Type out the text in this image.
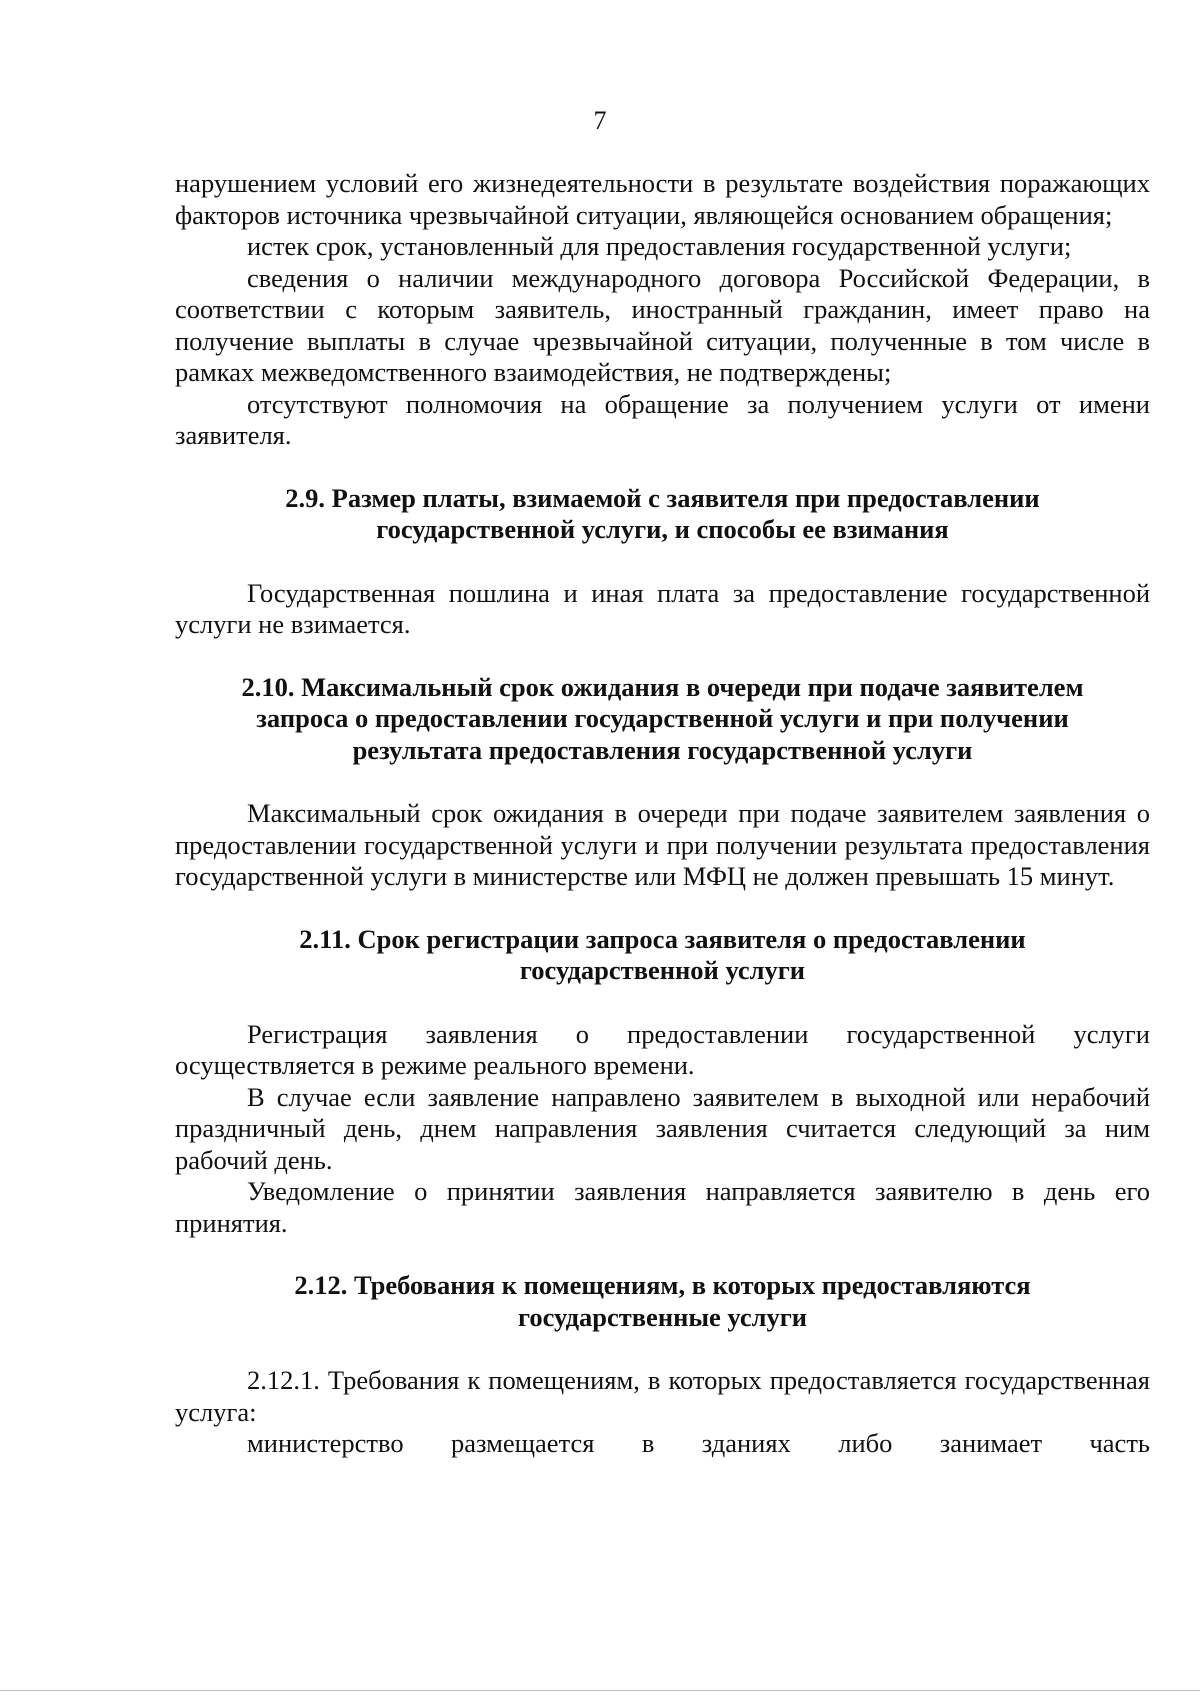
7

нарушением условий его жизнедеятельности в результате воздействия поражающих факторов источника чрезвычайной ситуации, являющейся основанием обращения;

истек срок, установленный для предоставления государственной услуги;

сведения о наличии международного договора Российской Федерации, в соответствии с которым заявитель, иностранный гражданин, имеет право на получение выплаты в случае чрезвычайной ситуации, полученные в том числе в рамках межведомственного взаимодействия, не подтверждены;

отсутствуют полномочия на обращение за получением услуги от имени заявителя.

2.9. Размер платы, взимаемой с заявителя при предоставлении
государственной услуги, и способы ее взимания

Государственная пошлина и иная плата за предоставление государственной услуги не взимается.

2.10. Максимальный срок ожидания в очереди при подаче заявителем
запроса о предоставлении государственной услуги и при получении
результата предоставления государственной услуги

Максимальный срок ожидания в очереди при подаче заявителем заявления о предоставлении государственной услуги и при получении результата предоставления государственной услуги в министерстве или МФЦ не должен превышать 15 минут.

2.11. Срок регистрации запроса заявителя о предоставлении
государственной услуги

Регистрация заявления о предоставлении государственной услуги осуществляется в режиме реального времени.

В случае если заявление направлено заявителем в выходной или нерабочий праздничный день, днем направления заявления считается следующий за ним рабочий день.

Уведомление о принятии заявления направляется заявителю в день его принятия.

2.12. Требования к помещениям, в которых предоставляются
государственные услуги

2.12.1. Требования к помещениям, в которых предоставляется государственная услуга:

министерство размещается в зданиях либо занимает часть
